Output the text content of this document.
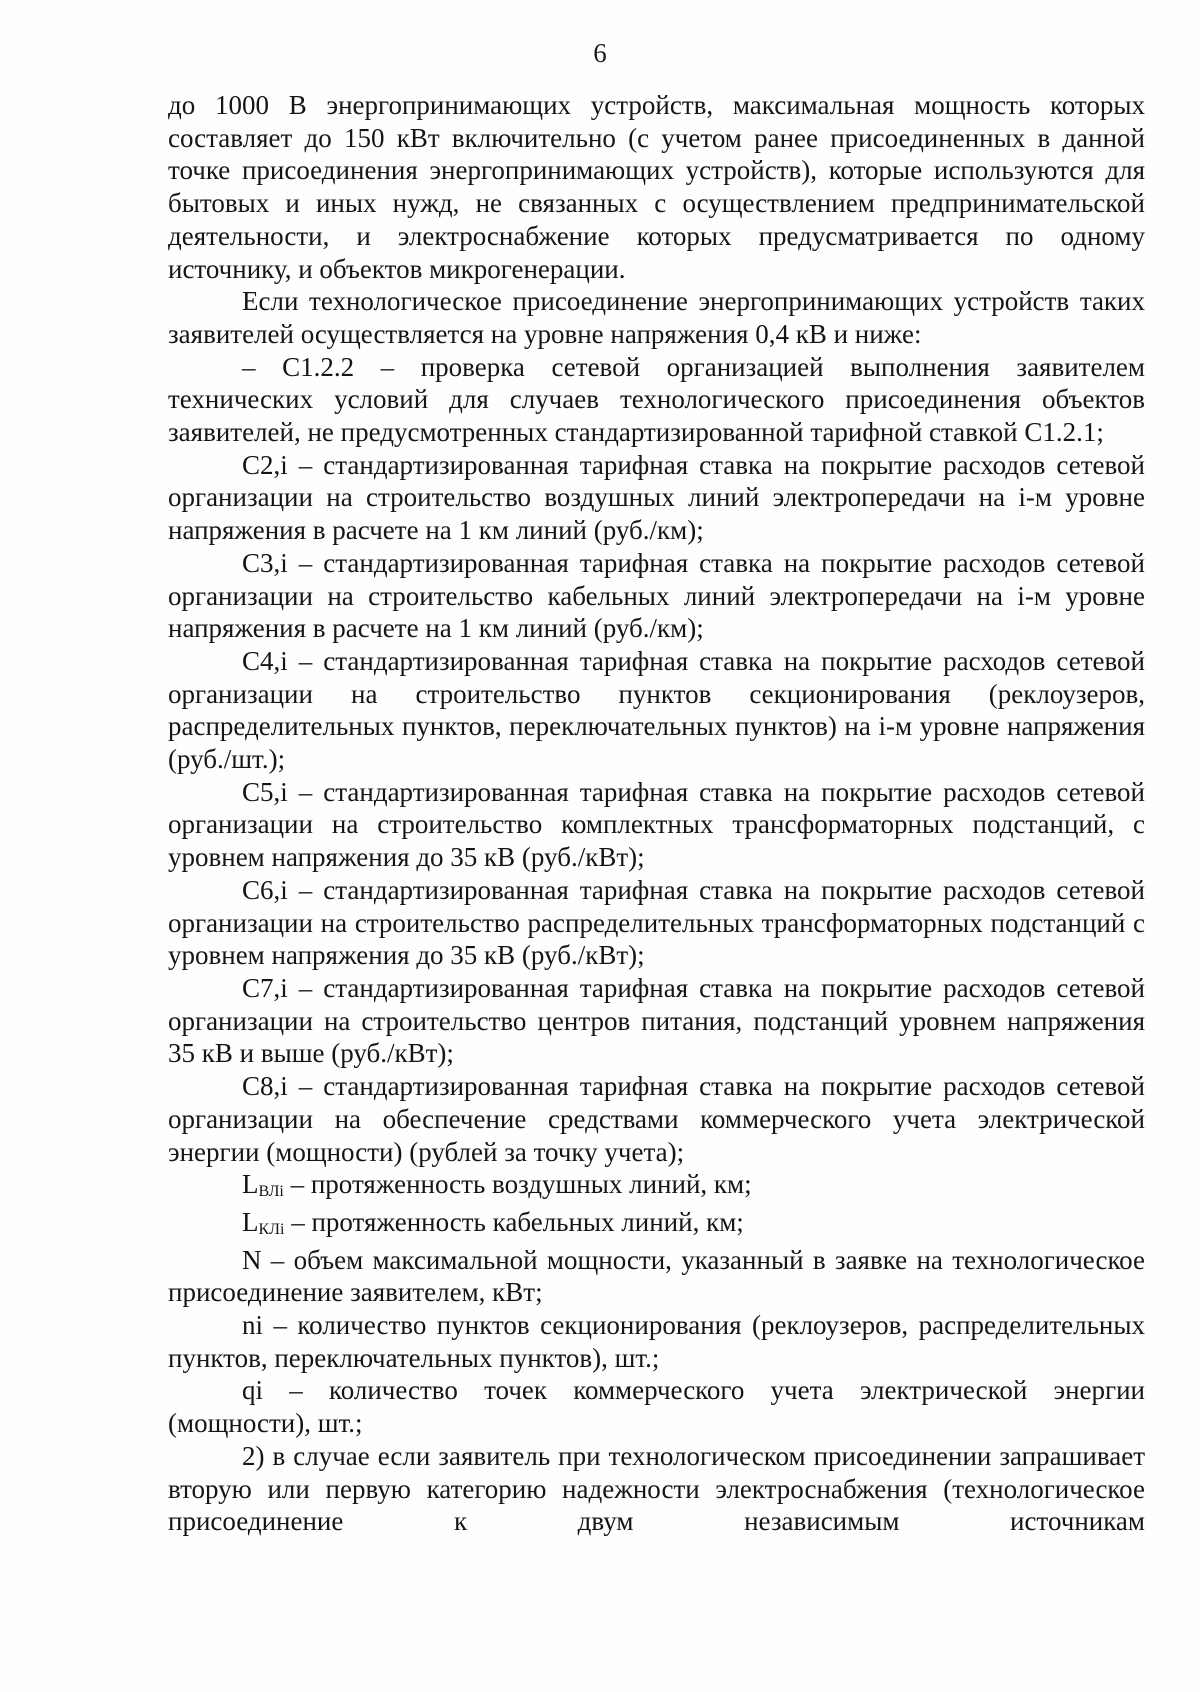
6

до 1000 В энергопринимающих устройств, максимальная мощность которых составляет до 150 кВт включительно (с учетом ранее присоединенных в данной точке присоединения энергопринимающих устройств), которые используются для бытовых и иных нужд, не связанных с осуществлением предпринимательской деятельности, и электроснабжение которых предусматривается по одному источнику, и объектов микрогенерации.

Если технологическое присоединение энергопринимающих устройств таких заявителей осуществляется на уровне напряжения 0,4 кВ и ниже:

– С1.2.2 – проверка сетевой организацией выполнения заявителем технических условий для случаев технологического присоединения объектов заявителей, не предусмотренных стандартизированной тарифной ставкой С1.2.1;

С2,i – стандартизированная тарифная ставка на покрытие расходов сетевой организации на строительство воздушных линий электропередачи на i-м уровне напряжения в расчете на 1 км линий (руб./км);

С3,i – стандартизированная тарифная ставка на покрытие расходов сетевой организации на строительство кабельных линий электропередачи на i-м уровне напряжения в расчете на 1 км линий (руб./км);

С4,i – стандартизированная тарифная ставка на покрытие расходов сетевой организации на строительство пунктов секционирования (реклоузеров, распределительных пунктов, переключательных пунктов) на i-м уровне напряжения (руб./шт.);

С5,i – стандартизированная тарифная ставка на покрытие расходов сетевой организации на строительство комплектных трансформаторных подстанций, с уровнем напряжения до 35 кВ (руб./кВт);

С6,i – стандартизированная тарифная ставка на покрытие расходов сетевой организации на строительство распределительных трансформаторных подстанций с уровнем напряжения до 35 кВ (руб./кВт);

С7,i – стандартизированная тарифная ставка на покрытие расходов сетевой организации на строительство центров питания, подстанций уровнем напряжения 35 кВ и выше (руб./кВт);

С8,i – стандартизированная тарифная ставка на покрытие расходов сетевой организации на обеспечение средствами коммерческого учета электрической энергии (мощности) (рублей за точку учета);

$L_{ВЛi}$ – протяженность воздушных линий, км;

$L_{КЛi}$ – протяженность кабельных линий, км;

N – объем максимальной мощности, указанный в заявке на технологическое присоединение заявителем, кВт;

ni – количество пунктов секционирования (реклоузеров, распределительных пунктов, переключательных пунктов), шт.;

qi – количество точек коммерческого учета электрической энергии (мощности), шт.;

2) в случае если заявитель при технологическом присоединении запрашивает вторую или первую категорию надежности электроснабжения (технологическое присоединение к двум независимым источникам
